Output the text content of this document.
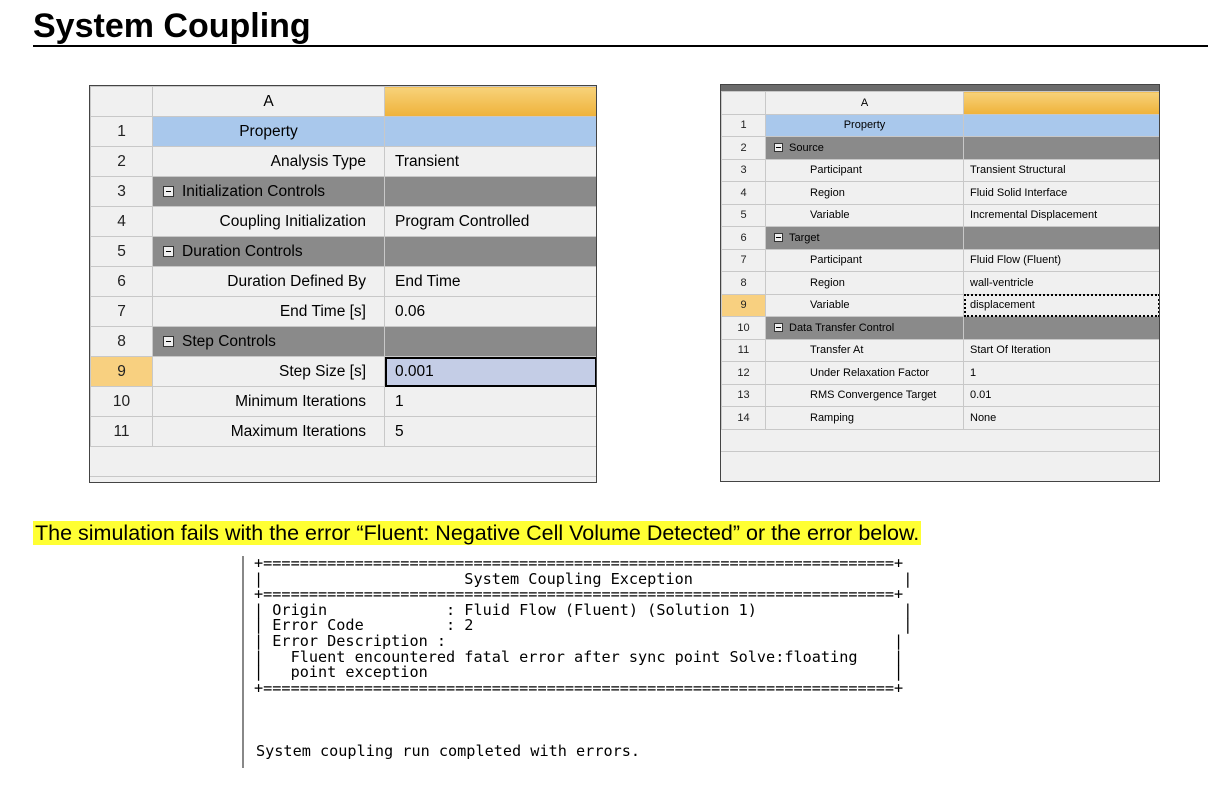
System Coupling
	A	
1	Property	
2	Analysis Type	Transient
3	Initialization Controls	
4	Coupling Initialization	Program Controlled
5	Duration Controls	
6	Duration Defined By	End Time
7	End Time [s]	0.06
8	Step Controls	
9	Step Size [s]	0.001
10	Minimum Iterations	1
11	Maximum Iterations	5

	A	
1	Property	
2	Source	
3	Participant	Transient Structural
4	Region	Fluid Solid Interface
5	Variable	Incremental Displacement
6	Target	
7	Participant	Fluid Flow (Fluent)
8	Region	wall-ventricle
9	Variable	displacement
10	Data Transfer Control	
11	Transfer At	Start Of Iteration
12	Under Relaxation Factor	1
13	RMS Convergence Target	0.01
14	Ramping	None

The simulation fails with the error “Fluent: Negative Cell Volume Detected” or the error below.
+=====================================================================+
|                      System Coupling Exception                       |
+=====================================================================+
| Origin             : Fluid Flow (Fluent) (Solution 1)                |
| Error Code         : 2                                               |
| Error Description :                                                 |
|   Fluent encountered fatal error after sync point Solve:floating    |
|   point exception                                                   |
+=====================================================================+
System coupling run completed with errors.
